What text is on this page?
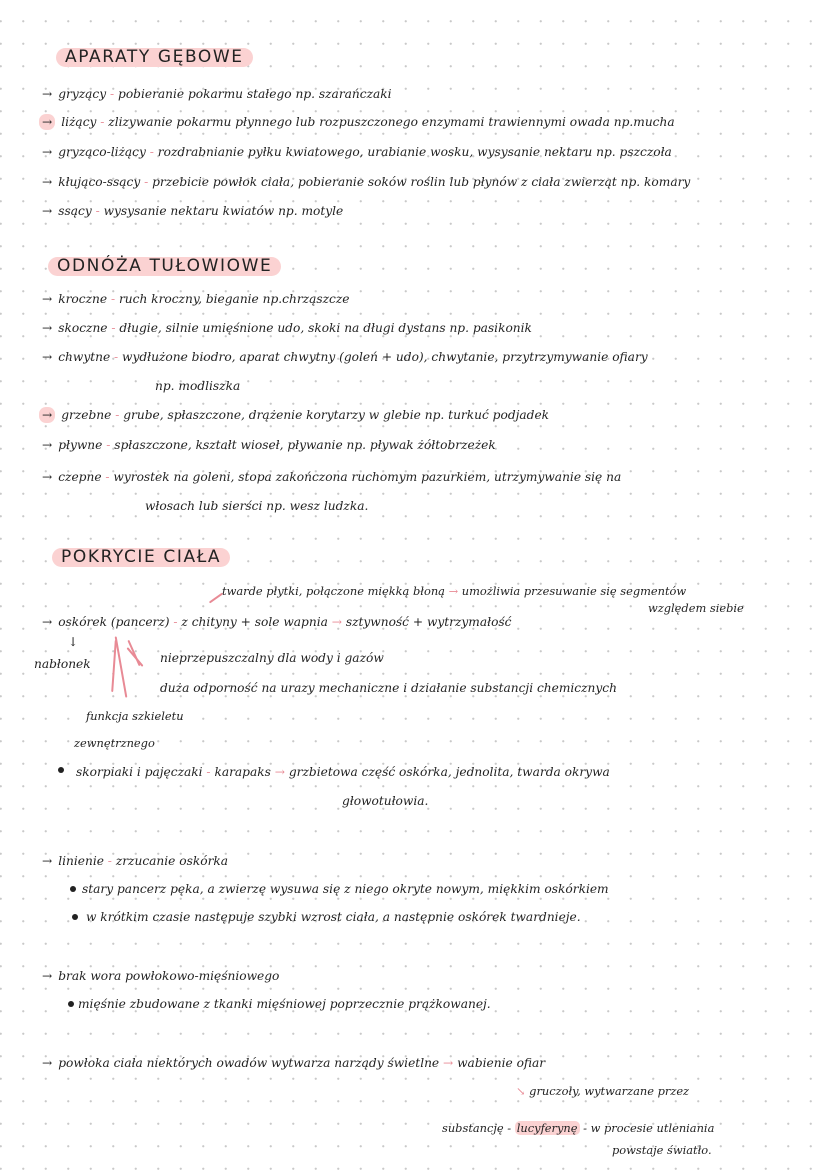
APARATY GĘBOWE
→ gryzący - pobieranie pokarmu stałego np. szarańczaki
→ liżący - zlizywanie pokarmu płynnego lub rozpuszczonego enzymami trawiennymi owada np.mucha
→ gryząco-liżący - rozdrabnianie pyłku kwiatowego, urabianie wosku, wysysanie nektaru np. pszczoła
→ kłująco-ssący - przebicie powłok ciała, pobieranie soków roślin lub płynów z ciała zwierząt np. komary
→ ssący - wysysanie nektaru kwiatów np. motyle
ODNÓŻA TUŁOWIOWE
→ kroczne - ruch kroczny, bieganie np.chrząszcze
→ skoczne - długie, silnie umięśnione udo, skoki na długi dystans np. pasikonik
→ chwytne - wydłużone biodro, aparat chwytny (goleń + udo), chwytanie, przytrzymywanie ofiary
np. modliszka
→ grzebne - grube, spłaszczone, drążenie korytarzy w glebie np. turkuć podjadek
→ pływne - spłaszczone, kształt wioseł, pływanie np. pływak żółtobrzeżek
→ czepne - wyrostek na goleni, stopa zakończona ruchomym pazurkiem, utrzymywanie się na
włosach lub sierści np. wesz ludzka.
POKRYCIE CIAŁA
twarde płytki, połączone miękką błoną → umożliwia przesuwanie się segmentów
względem siebie
→ oskórek (pancerz) - z chityny + sole wapnia → sztywność + wytrzymałość
↓
nabłonek	nieprzepuszczalny dla wody i gazów
duża odporność na urazy mechaniczne i działanie substancji chemicznych
funkcja szkieletu
zewnętrznego
skorpiaki i pajęczaki - karapaks → grzbietowa część oskórka, jednolita, twarda okrywa
głowotułowia.
→ linienie - zrzucanie oskórka
stary pancerz pęka, a zwierzę wysuwa się z niego okryte nowym, miękkim oskórkiem
w krótkim czasie następuje szybki wzrost ciała, a następnie oskórek twardnieje.
→ brak wora powłokowo-mięśniowego
mięśnie zbudowane z tkanki mięśniowej poprzecznie prążkowanej.
→ powłoka ciała niektórych owadów wytwarza narządy świetlne → wabienie ofiar
↘ gruczoły, wytwarzane przez
substancję - lucyferynę - w procesie utleniania
powstaje światło.
